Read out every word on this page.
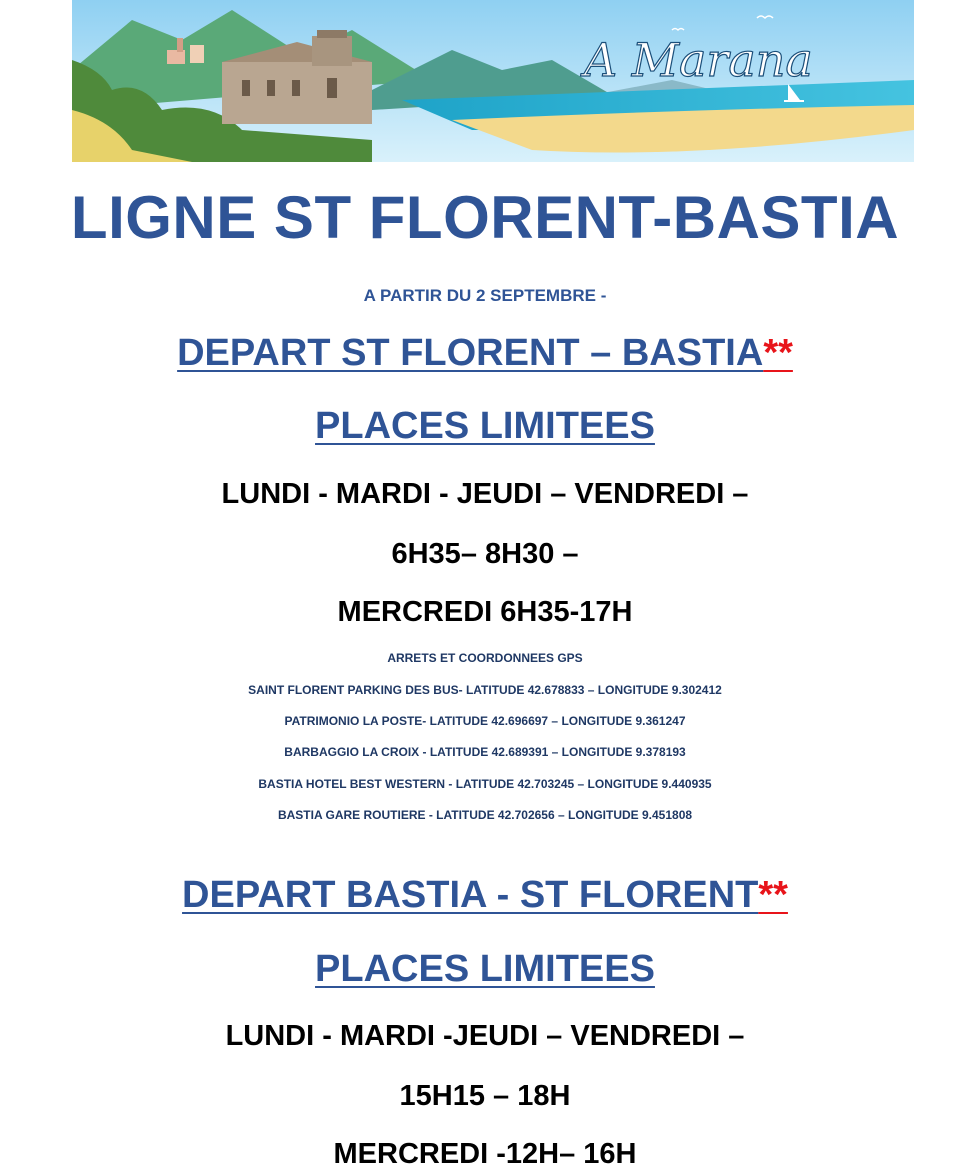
A Marana
LIGNE ST FLORENT-BASTIA
A PARTIR DU 2 SEPTEMBRE -
DEPART ST FLORENT – BASTIA**
PLACES LIMITEES
LUNDI - MARDI - JEUDI – VENDREDI –
6H35– 8H30 –
MERCREDI 6H35-17H
ARRETS ET COORDONNEES GPS
SAINT FLORENT PARKING DES BUS- LATITUDE 42.678833 – LONGITUDE 9.302412
PATRIMONIO LA POSTE- LATITUDE 42.696697 – LONGITUDE 9.361247
BARBAGGIO LA CROIX - LATITUDE 42.689391 – LONGITUDE 9.378193
BASTIA HOTEL BEST WESTERN - LATITUDE 42.703245 – LONGITUDE 9.440935
BASTIA GARE ROUTIERE - LATITUDE 42.702656 – LONGITUDE 9.451808
DEPART BASTIA - ST FLORENT**
PLACES LIMITEES
LUNDI - MARDI -JEUDI – VENDREDI –
15H15 – 18H
MERCREDI -12H– 16H
